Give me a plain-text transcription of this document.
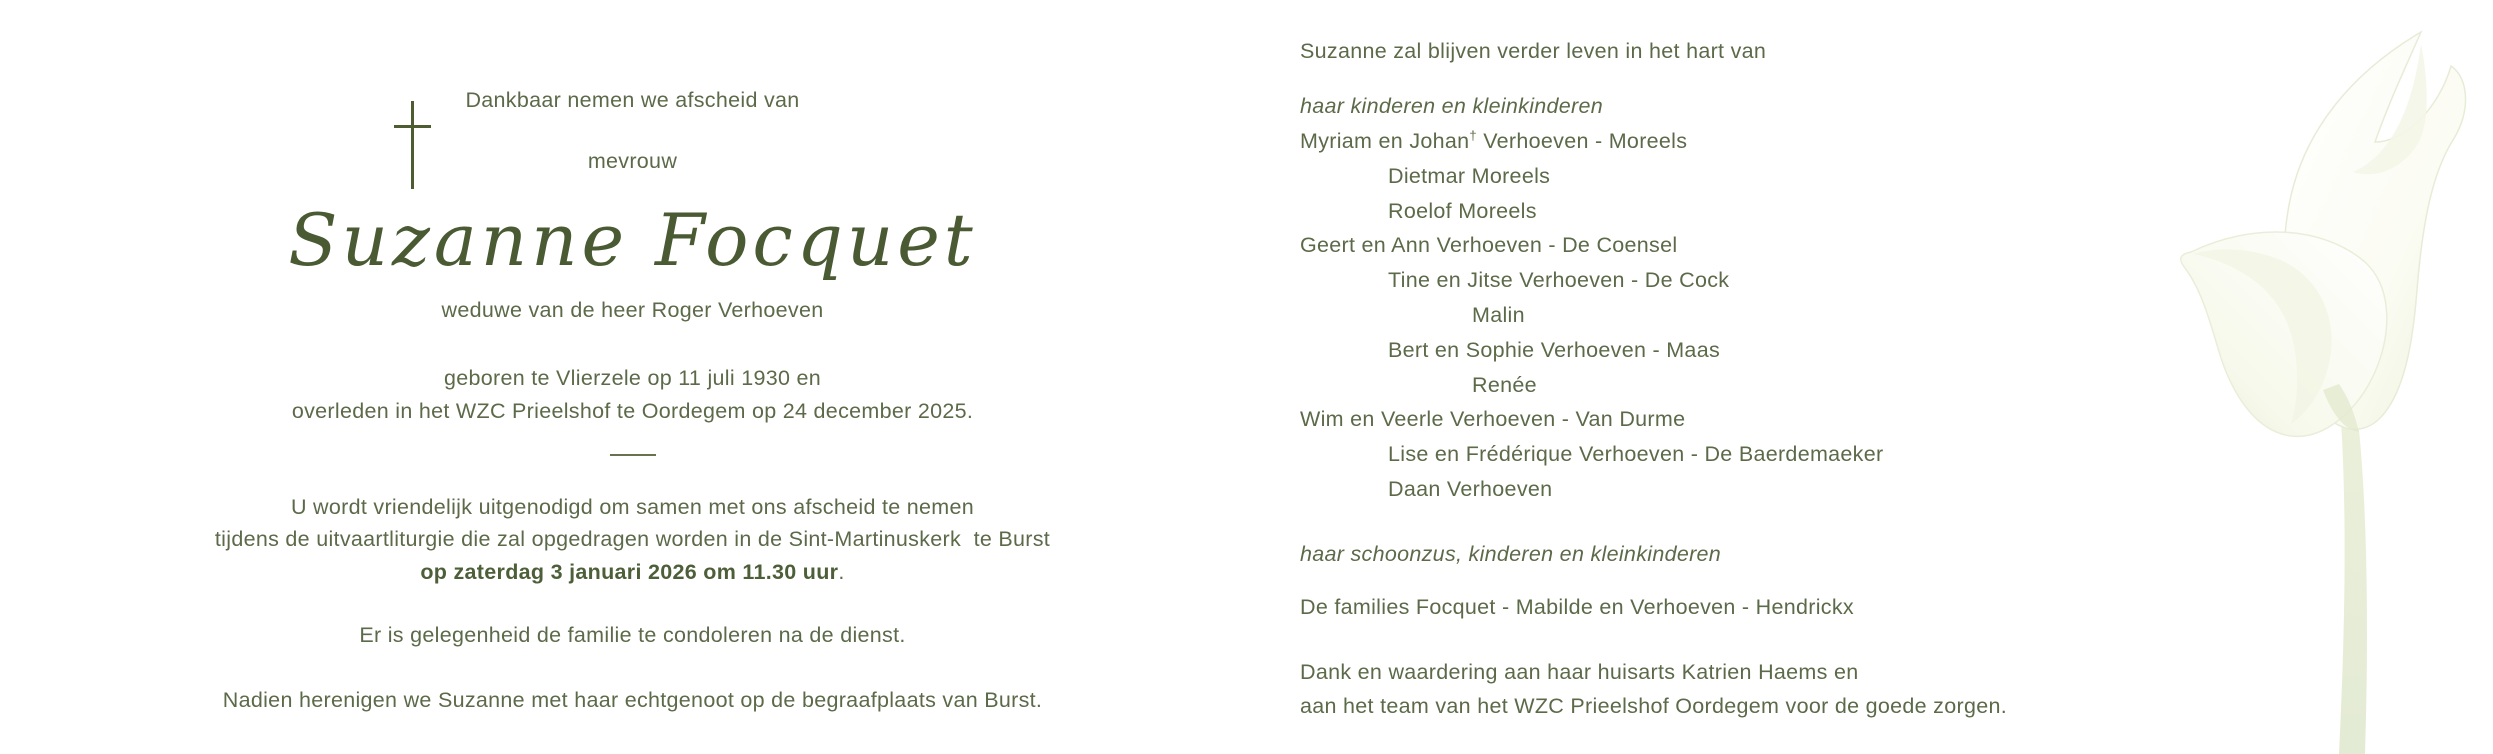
Dankbaar nemen we afscheid van

mevrouw

Suzanne Focquet

weduwe van de heer Roger Verhoeven

geboren te Vlierzele op 11 juli 1930 en

overleden in het WZC Prieelshof te Oordegem op 24 december 2025.

U wordt vriendelijk uitgenodigd om samen met ons afscheid te nemen

tijdens de uitvaartliturgie die zal opgedragen worden in de Sint-Martinuskerk  te Burst

op zaterdag 3 januari 2026 om 11.30 uur.

Er is gelegenheid de familie te condoleren na de dienst.

Nadien herenigen we Suzanne met haar echtgenoot op de begraafplaats van Burst.

Suzanne zal blijven verder leven in het hart van

haar kinderen en kleinkinderen

Myriam en Johan† Verhoeven - Moreels

Dietmar Moreels

Roelof Moreels

Geert en Ann Verhoeven - De Coensel

Tine en Jitse Verhoeven - De Cock

Malin

Bert en Sophie Verhoeven - Maas

Renée

Wim en Veerle Verhoeven - Van Durme

Lise en Frédérique Verhoeven - De Baerdemaeker

Daan Verhoeven

haar schoonzus, kinderen en kleinkinderen

De families Focquet - Mabilde en Verhoeven - Hendrickx

Dank en waardering aan haar huisarts Katrien Haems en

aan het team van het WZC Prieelshof Oordegem voor de goede zorgen.
